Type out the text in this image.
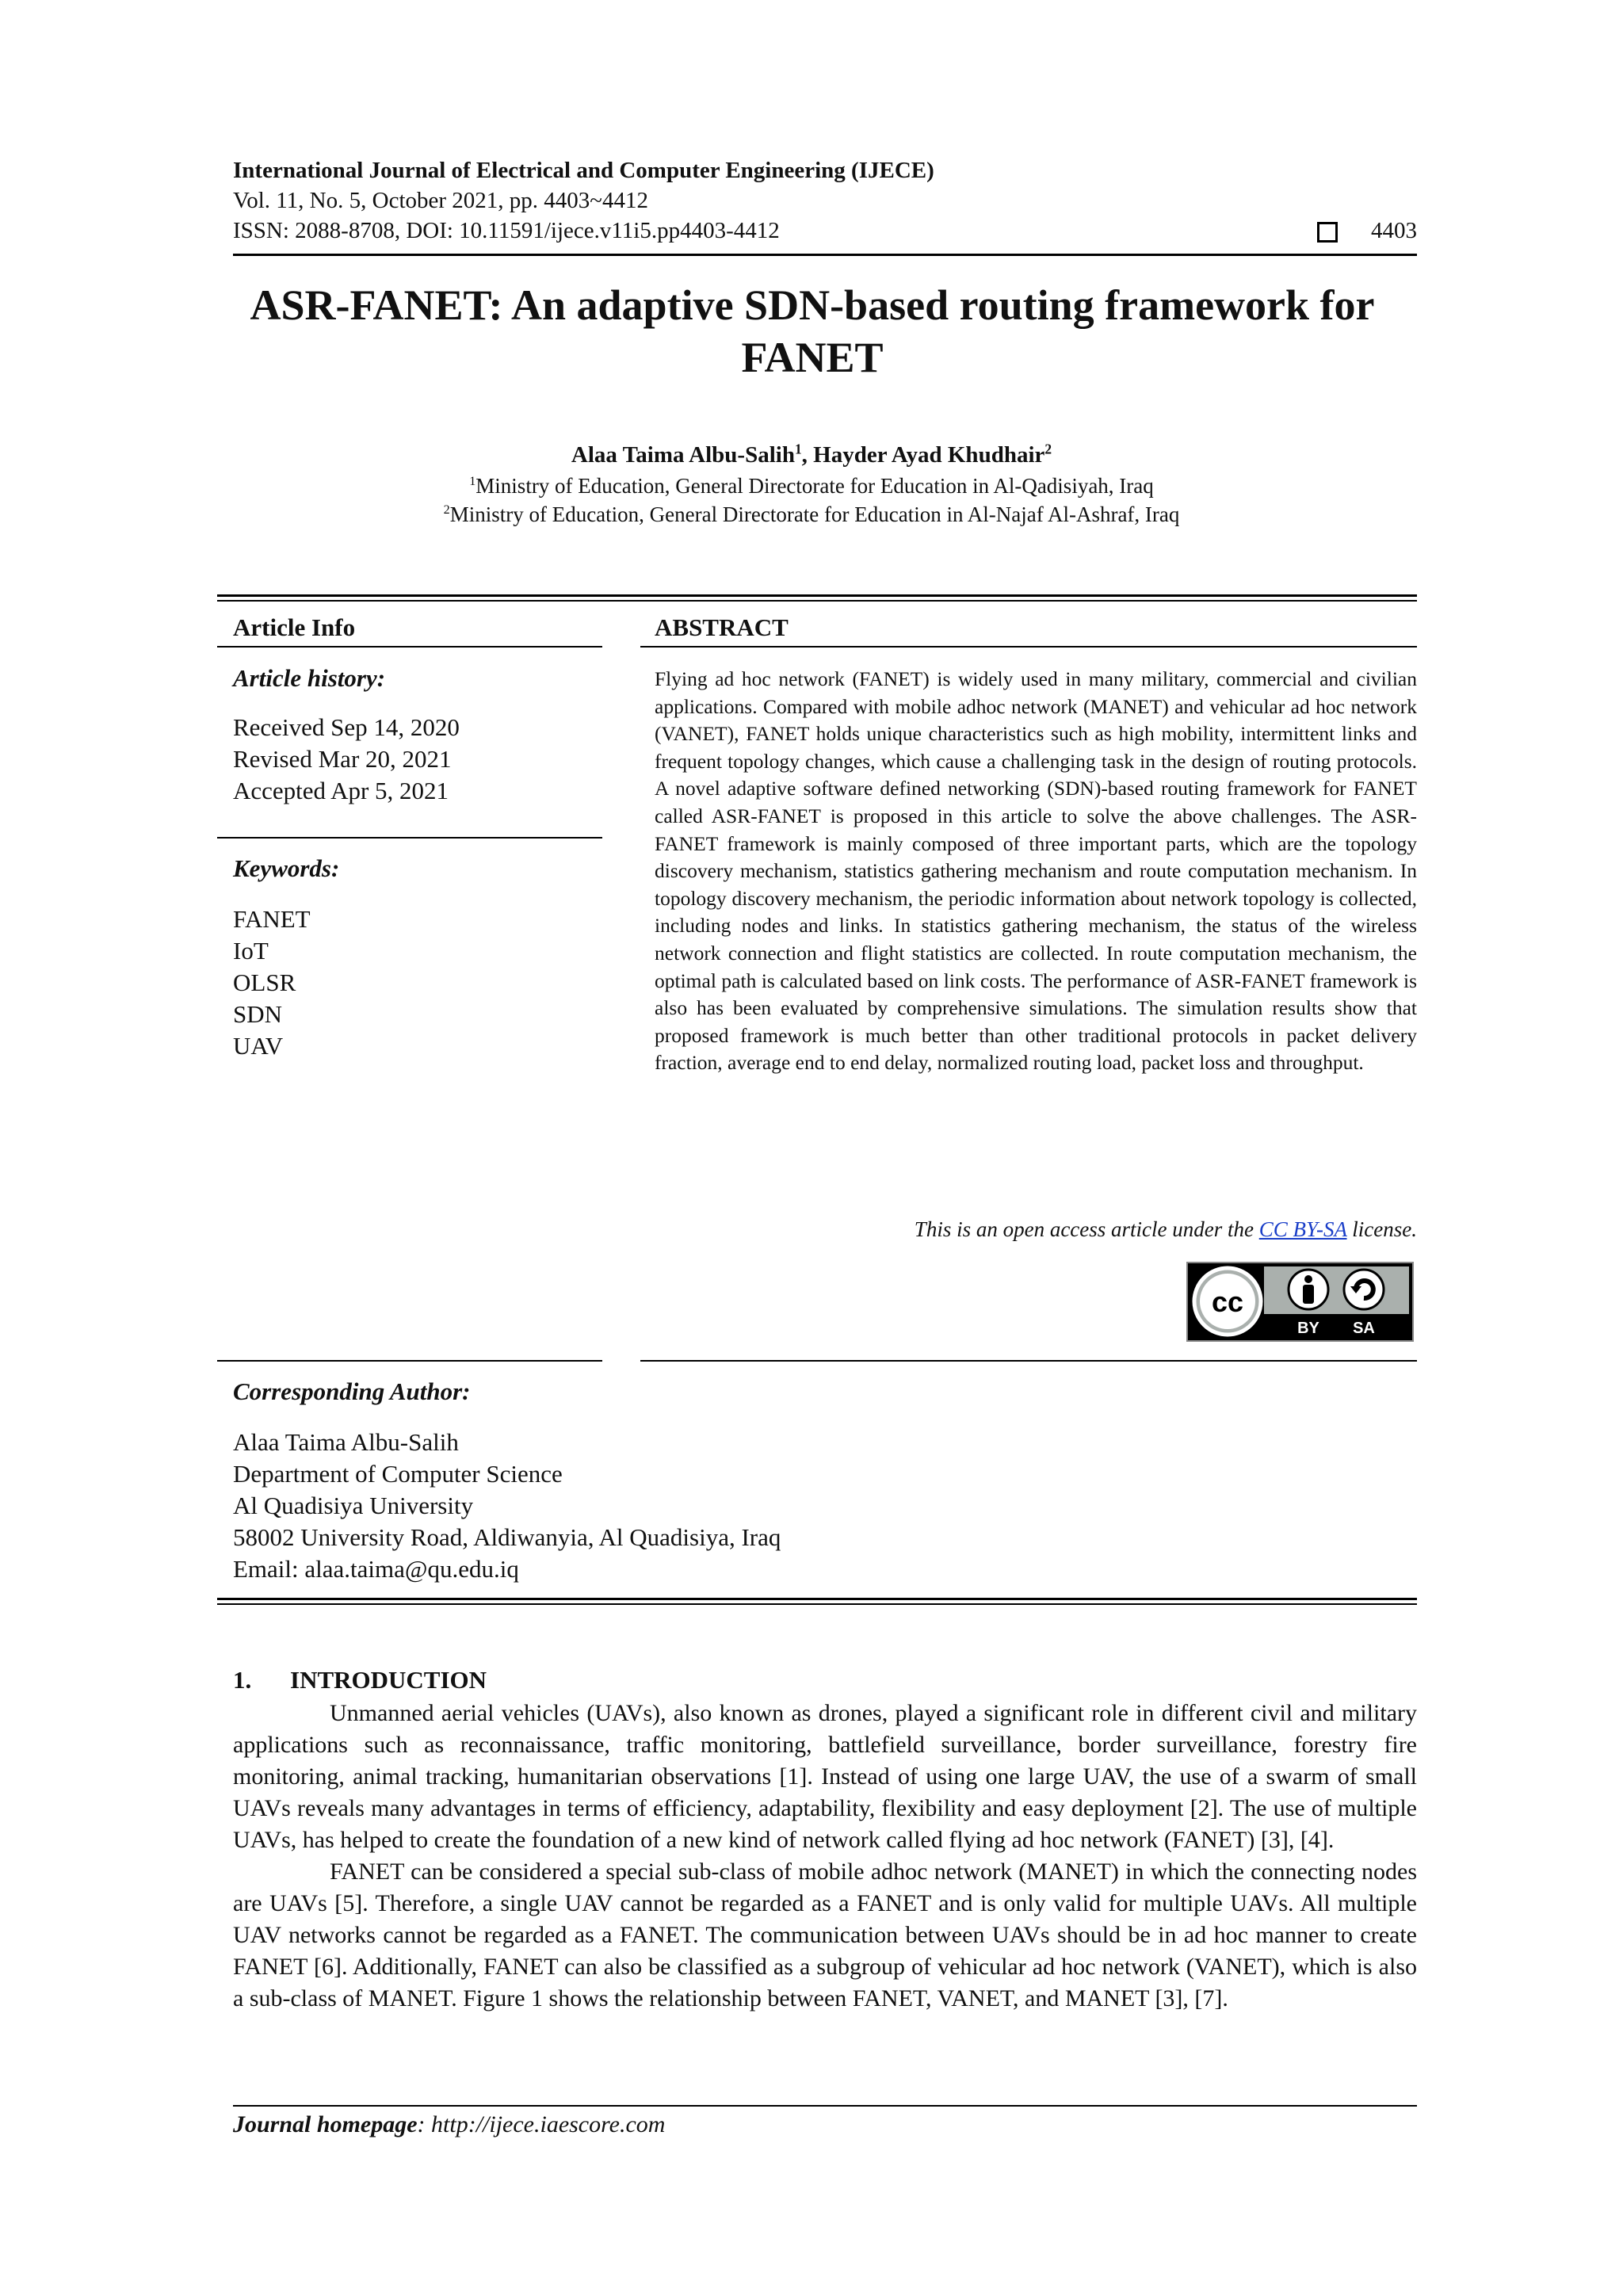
International Journal of Electrical and Computer Engineering (IJECE)
Vol. 11, No. 5, October 2021, pp. 4403~4412
ISSN: 2088-8708, DOI: 10.11591/ijece.v11i5.pp4403-4412	4403
ASR-FANET: An adaptive SDN-based routing framework for FANET
Alaa Taima Albu-Salih$^1$, Hayder Ayad Khudhair$^2$
$^1$Ministry of Education, General Directorate for Education in Al-Qadisiyah, Iraq
$^2$Ministry of Education, General Directorate for Education in Al-Najaf Al-Ashraf, Iraq
Article Info
Article history:
Received Sep 14, 2020
Revised Mar 20, 2021
Accepted Apr 5, 2021
Keywords:
FANET
IoT
OLSR
SDN
UAV
ABSTRACT

Flying ad hoc network (FANET) is widely used in many military, commercial and civilian applications. Compared with mobile adhoc network (MANET) and vehicular ad hoc network (VANET), FANET holds unique characteristics such as high mobility, intermittent links and frequent topology changes, which cause a challenging task in the design of routing protocols. A novel adaptive software defined networking (SDN)-based routing framework for FANET called ASR-FANET is proposed in this article to solve the above challenges. The ASR-FANET framework is mainly composed of three important parts, which are the topology discovery mechanism, statistics gathering mechanism and route computation mechanism. In topology discovery mechanism, the periodic information about network topology is collected, including nodes and links. In statistics gathering mechanism, the status of the wireless network connection and flight statistics are collected. In route computation mechanism, the optimal path is calculated based on link costs. The performance of ASR-FANET framework is also has been evaluated by comprehensive simulations. The simulation results show that proposed framework is much better than other traditional protocols in packet delivery fraction, average end to end delay, normalized routing load, packet loss and throughput.

This is an open access article under the CC BY-SA license.
cc
BY SA
Corresponding Author:
Alaa Taima Albu-Salih
Department of Computer Science
Al Quadisiya University
58002 University Road, Aldiwanyia, Al Quadisiya, Iraq
Email: alaa.taima@qu.edu.iq
1. INTRODUCTION

Unmanned aerial vehicles (UAVs), also known as drones, played a significant role in different civil and military applications such as reconnaissance, traffic monitoring, battlefield surveillance, border surveillance, forestry fire monitoring, animal tracking, humanitarian observations [1]. Instead of using one large UAV, the use of a swarm of small UAVs reveals many advantages in terms of efficiency, adaptability, flexibility and easy deployment [2]. The use of multiple UAVs, has helped to create the foundation of a new kind of network called flying ad hoc network (FANET) [3], [4].

FANET can be considered a special sub-class of mobile adhoc network (MANET) in which the connecting nodes are UAVs [5]. Therefore, a single UAV cannot be regarded as a FANET and is only valid for multiple UAVs. All multiple UAV networks cannot be regarded as a FANET. The communication between UAVs should be in ad hoc manner to create FANET [6]. Additionally, FANET can also be classified as a subgroup of vehicular ad hoc network (VANET), which is also a sub-class of MANET. Figure 1 shows the relationship between FANET, VANET, and MANET [3], [7].

Journal homepage: http://ijece.iaescore.com
